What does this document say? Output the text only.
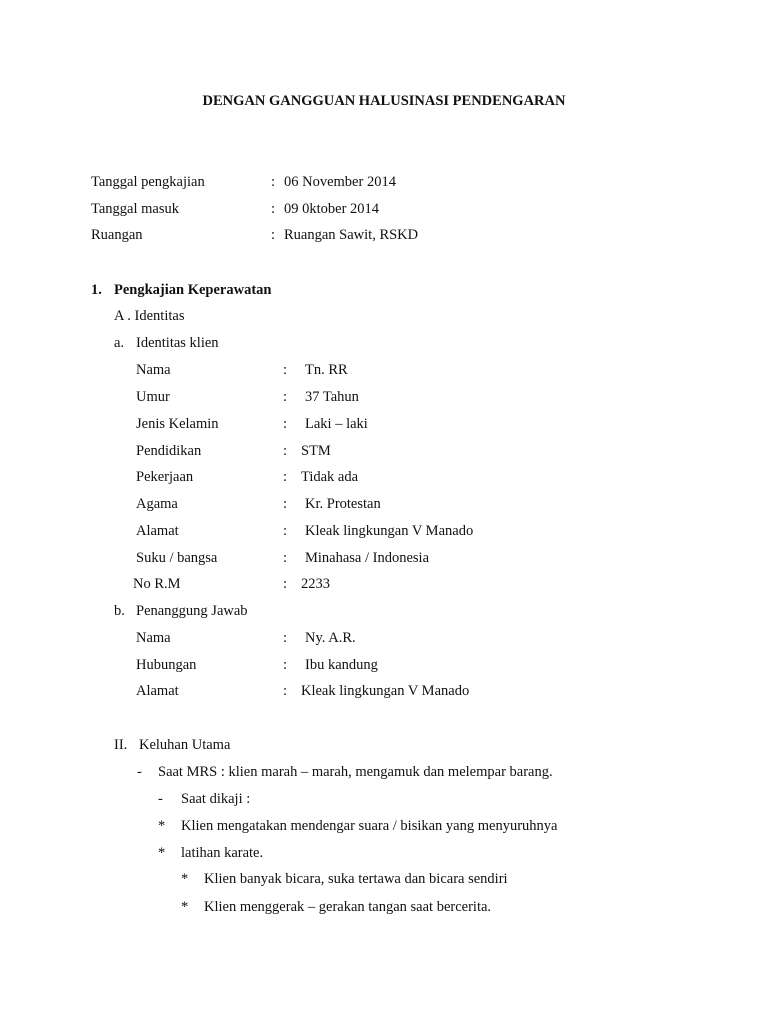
DENGAN GANGGUAN HALUSINASI PENDENGARAN
Tanggal pengkajian	: 06 November 2014
Tanggal masuk	: 09 0ktober 2014
Ruangan	: Ruangan Sawit, RSKD
1. Pengkajian Keperawatan
A . Identitas
a. Identitas klien
Nama	: Tn. RR
Umur	: 37 Tahun
Jenis Kelamin	: Laki – laki
Pendidikan	: STM
Pekerjaan	: Tidak ada
Agama	: Kr. Protestan
Alamat	: Kleak lingkungan V Manado
Suku / bangsa	: Minahasa / Indonesia
No R.M	: 2233
b. Penanggung Jawab
Nama	: Ny. A.R.
Hubungan	: Ibu kandung
Alamat	: Kleak lingkungan V Manado
II. Keluhan Utama
- Saat MRS : klien marah – marah, mengamuk dan melempar barang.
- Saat dikaji :
* Klien mengatakan mendengar suara / bisikan yang menyuruhnya
* latihan karate.
* Klien banyak bicara, suka tertawa dan bicara sendiri
* Klien menggerak – gerakan tangan saat bercerita.
